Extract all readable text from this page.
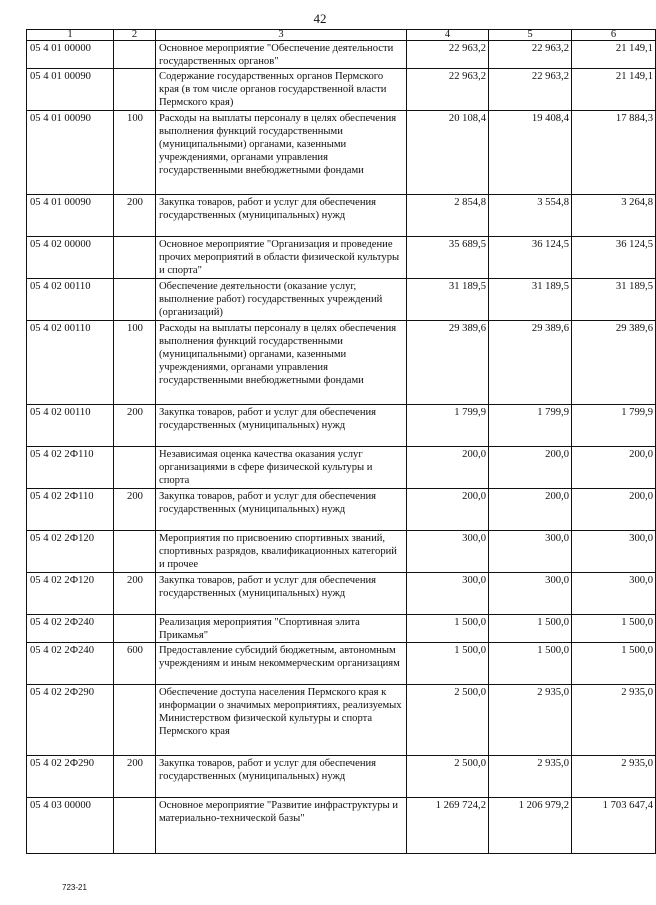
42
1	2	3	4	5	6
05 4 01 00000		Основное мероприятие "Обеспечение деятельности государственных органов"	22 963,2	22 963,2	21 149,1
05 4 01 00090		Содержание государственных органов Пермского края (в том числе органов государственной власти Пермского края)	22 963,2	22 963,2	21 149,1
05 4 01 00090	100	Расходы на выплаты персоналу в целях обеспечения выполнения функций государственными (муниципальными) органами, казенными учреждениями, органами управления государственными внебюджетными фондами	20 108,4	19 408,4	17 884,3
05 4 01 00090	200	Закупка товаров, работ и услуг для обеспечения государственных (муниципальных) нужд	2 854,8	3 554,8	3 264,8
05 4 02 00000		Основное мероприятие "Организация и проведение прочих мероприятий в области физической культуры и спорта"	35 689,5	36 124,5	36 124,5
05 4 02 00110		Обеспечение деятельности (оказание услуг, выполнение работ) государственных учреждений (организаций)	31 189,5	31 189,5	31 189,5
05 4 02 00110	100	Расходы на выплаты персоналу в целях обеспечения выполнения функций государственными (муниципальными) органами, казенными учреждениями, органами управления государственными внебюджетными фондами	29 389,6	29 389,6	29 389,6
05 4 02 00110	200	Закупка товаров, работ и услуг для обеспечения государственных (муниципальных) нужд	1 799,9	1 799,9	1 799,9
05 4 02 2Ф110		Независимая оценка качества оказания услуг организациями в сфере физической культуры и спорта	200,0	200,0	200,0
05 4 02 2Ф110	200	Закупка товаров, работ и услуг для обеспечения государственных (муниципальных) нужд	200,0	200,0	200,0
05 4 02 2Ф120		Мероприятия по присвоению спортивных званий, спортивных разрядов, квалификационных категорий и прочее	300,0	300,0	300,0
05 4 02 2Ф120	200	Закупка товаров, работ и услуг для обеспечения государственных (муниципальных) нужд	300,0	300,0	300,0
05 4 02 2Ф240		Реализация мероприятия "Спортивная элита Прикамья"	1 500,0	1 500,0	1 500,0
05 4 02 2Ф240	600	Предоставление субсидий бюджетным, автономным учреждениям и иным некоммерческим организациям	1 500,0	1 500,0	1 500,0
05 4 02 2Ф290		Обеспечение доступа населения Пермского края к информации о значимых мероприятиях, реализуемых Министерством физической культуры и спорта Пермского края	2 500,0	2 935,0	2 935,0
05 4 02 2Ф290	200	Закупка товаров, работ и услуг для обеспечения государственных (муниципальных) нужд	2 500,0	2 935,0	2 935,0
05 4 03 00000		Основное мероприятие "Развитие инфраструктуры и материально-технической базы"	1 269 724,2	1 206 979,2	1 703 647,4
723-21
